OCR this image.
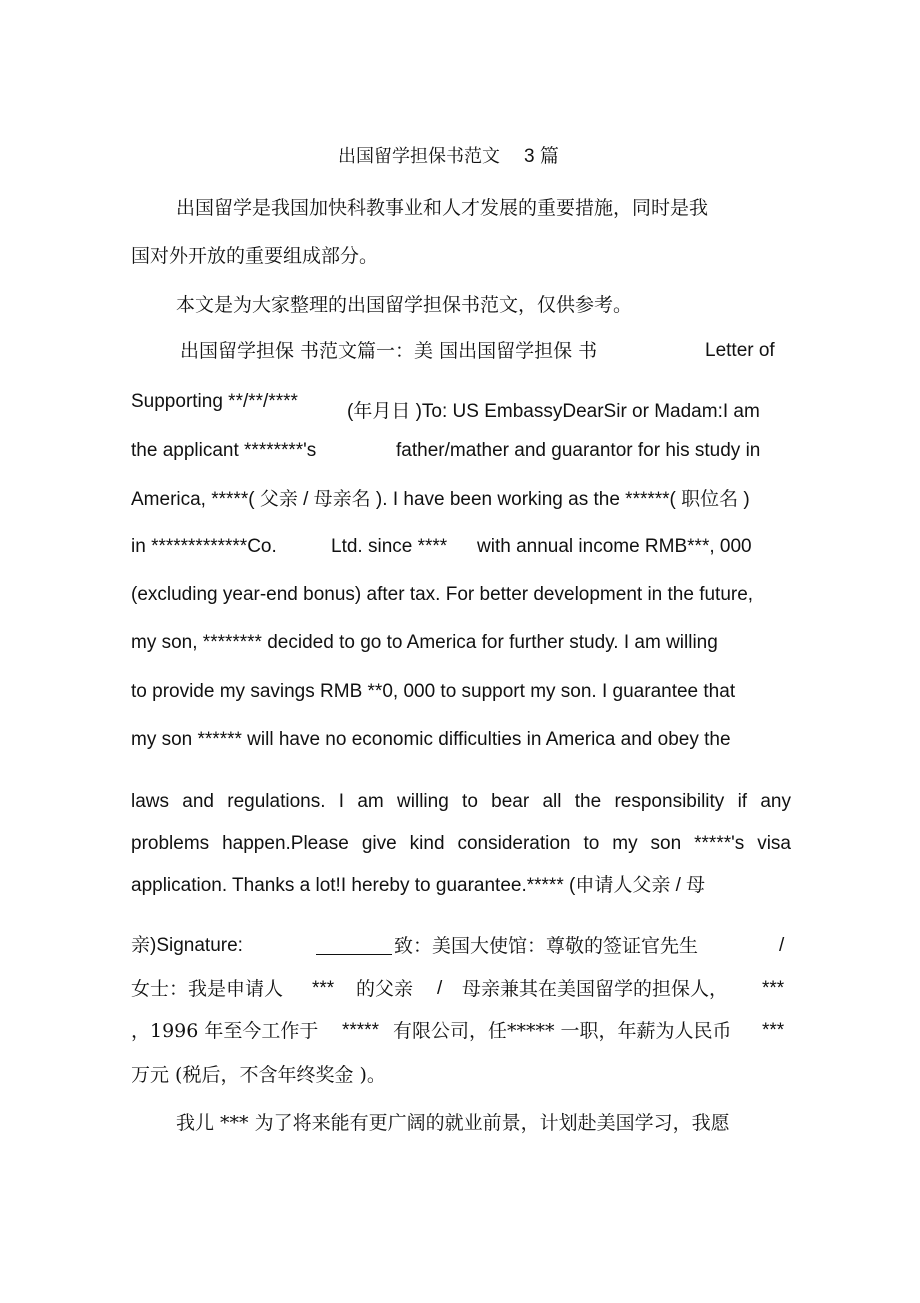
出国留学担保书范文 3 篇
出国留学是我国加快科教事业和人才发展的重要措施，同时是我
国对外开放的重要组成部分。
本文是为大家整理的出国留学担保书范文，仅供参考。
出国留学担保 书范文篇一：美 国出国留学担保 书	Letter of
Supporting **/**/****	(年月日 )To: US EmbassyDearSir or Madam:I am
the applicant ********'s	father/mather and guarantor for his study in
America, *****( 父亲 / 母亲名 ). I have been working as the ******( 职位名 )
in *************Co.	Ltd. since **** with annual income RMB***, 000
(excluding year-end bonus) after tax. For better development in the future,
my son, ******** decided to go to America for further study. I am willing
to provide my savings RMB **0, 000 to support my son. I guarantee that
my son ****** will have no economic difficulties in America and obey the
laws and regulations. I am willing to bear all the responsibility if any
problems happen.Please give kind consideration to my son *****'s visa
application. Thanks a lot!I hereby to guarantee.***** (申请人父亲 / 母
亲)Signature:	致：美国大使馆：尊敬的签证官先生	/
女士：我是申请人 *** 的父亲 / 母亲兼其在美国留学的担保人， ***
，1996 年至今工作于 ***** 有限公司，任***** 一职，年薪为人民币 ***
万元 (税后，不含年终奖金 )。
我儿 *** 为了将来能有更广阔的就业前景，计划赴美国学习，我愿
